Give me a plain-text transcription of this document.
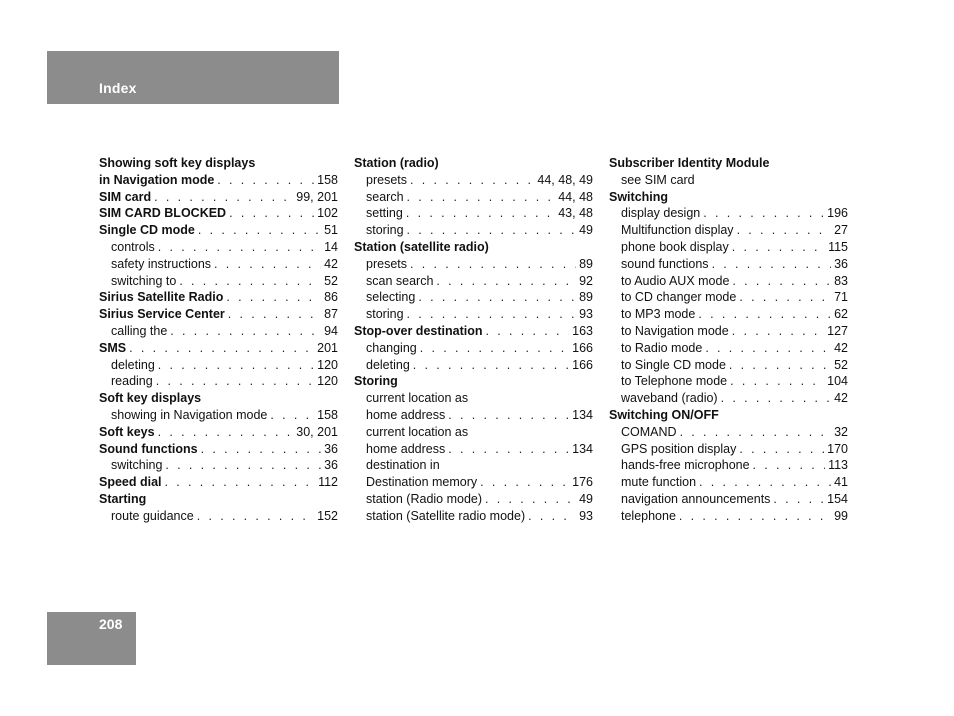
Index
Showing soft key displays
in Navigation mode . . .	158
SIM card . . .	99, 201
SIM CARD BLOCKED . . .	102
Single CD mode . . .	51
controls . . .	14
safety instructions . . .	42
switching to . . .	52
Sirius Satellite Radio . . .	86
Sirius Service Center . . .	87
calling the . . .	94
SMS . . .	201
deleting . . .	120
reading . . .	120
Soft key displays
showing in Navigation mode . . .	158
Soft keys . . .	30, 201
Sound functions . . .	36
switching . . .	36
Speed dial . . .	112
Starting
route guidance . . .	152
Station (radio)
presets . . .	44, 48, 49
search . . .	44, 48
setting . . .	43, 48
storing . . .	49
Station (satellite radio)
presets . . .	89
scan search . . .	92
selecting . . .	89
storing . . .	93
Stop-over destination . . .	163
changing . . .	166
deleting . . .	166
Storing
current location as
home address . . .	134
current location as
home address . . .	134
destination in
Destination memory . . .	176
station (Radio mode) . . .	49
station (Satellite radio mode) . . .	93
Subscriber Identity Module
see SIM card
Switching
display design . . .	196
Multifunction display . . .	27
phone book display . . .	115
sound functions . . .	36
to Audio AUX mode . . .	83
to CD changer mode . . .	71
to MP3 mode . . .	62
to Navigation mode . . .	127
to Radio mode . . .	42
to Single CD mode . . .	52
to Telephone mode . . .	104
waveband (radio) . . .	42
Switching ON/OFF
COMAND . . .	32
GPS position display . . .	170
hands-free microphone . . .	113
mute function . . .	41
navigation announcements . . .	154
telephone . . .	99
208
